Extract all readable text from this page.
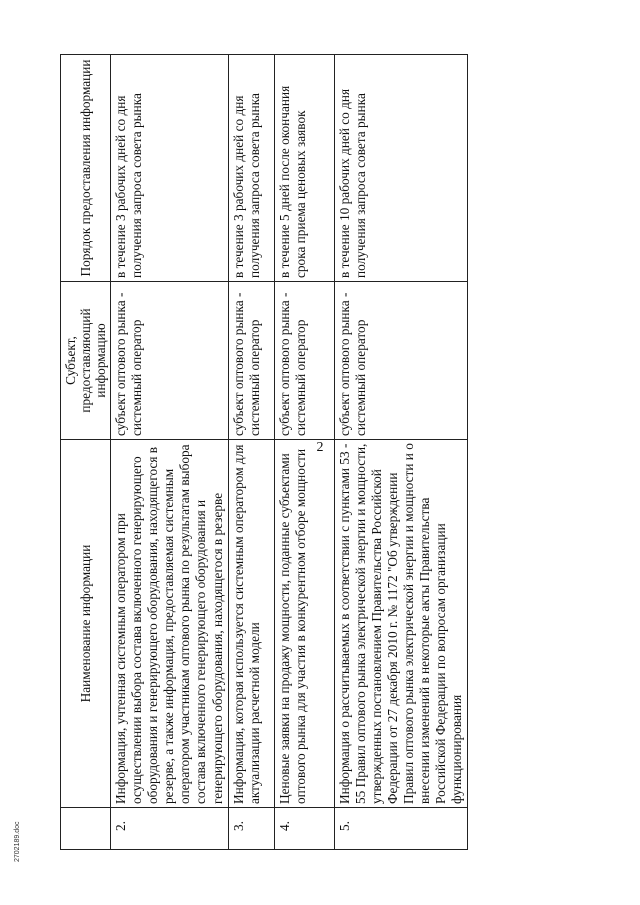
2
	Наименование информации	Субъект, предоставляющий информацию	Порядок предоставления информации
2.	Информация, учтенная системным оператором при осуществлении выбора состава включенного генерирующего оборудования и генерирующего оборудования, находящегося в резерве, а также информация, предоставляемая системным оператором участникам оптового рынка по результатам выбора состава включенного генерирующего оборудования и генерирующего оборудования, находящегося в резерве	субъект оптового рынка - системный оператор	в течение 3 рабочих дней со дня получения запроса совета рынка
3.	Информация, которая используется системным оператором для актуализации расчетной модели	субъект оптового рынка - системный оператор	в течение 3 рабочих дней со дня получения запроса совета рынка
4.	Ценовые заявки на продажу мощности, поданные субъектами оптового рынка для участия в конкурентном отборе мощности	субъект оптового рынка - системный оператор	в течение 5 дней после окончания срока приема ценовых заявок
5.	Информация о рассчитываемых в соответствии с пунктами 53 - 55 Правил оптового рынка электрической энергии и мощности, утвержденных постановлением Правительства Российской Федерации от 27 декабря 2010 г. № 1172 "Об утверждении Правил оптового рынка электрической энергии и мощности и о внесении изменений в некоторые акты Правительства Российской Федерации по вопросам организации функционирования	субъект оптового рынка - системный оператор	в течение 10 рабочих дней со дня получения запроса совета рынка
2702189.doc
